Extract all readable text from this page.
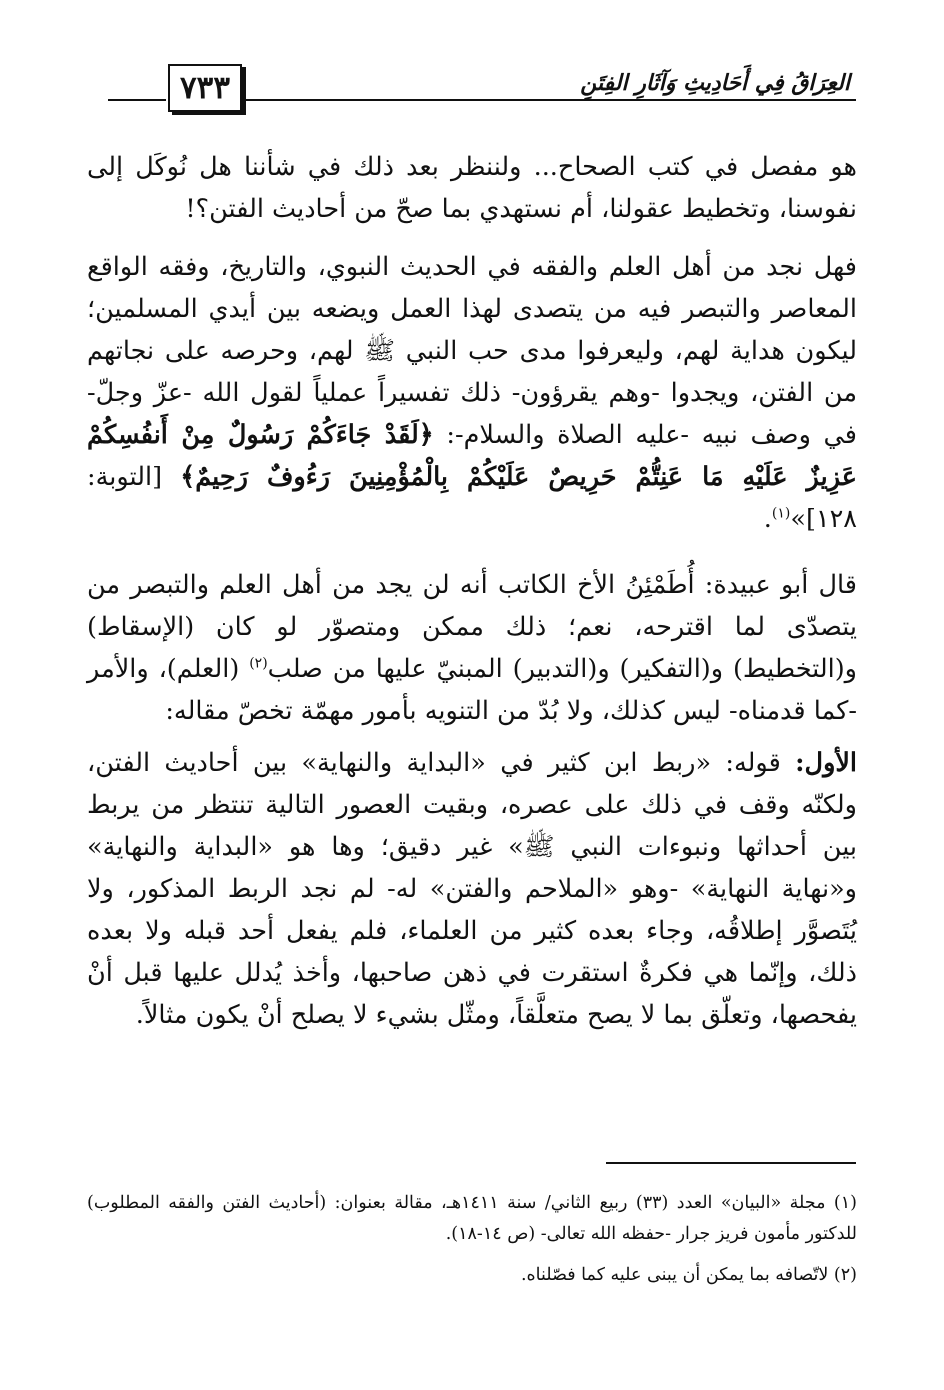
٧٣٣	العِرَاقُ فِي أَحَادِيثِ وَآثَارِ الفِتَنِ

هو مفصل في كتب الصحاح... ولننظر بعد ذلك في شأننا هل نُوكَل إلى نفوسنا، وتخطيط عقولنا، أم نستهدي بما صحّ من أحاديث الفتن؟!

فهل نجد من أهل العلم والفقه في الحديث النبوي، والتاريخ، وفقه الواقع المعاصر والتبصر فيه من يتصدى لهذا العمل ويضعه بين أيدي المسلمين؛ ليكون هداية لهم، وليعرفوا مدى حب النبي ﷺ لهم، وحرصه على نجاتهم من الفتن، ويجدوا -وهم يقرؤون- ذلك تفسيراً عملياً لقول الله -عزّ وجلّ- في وصف نبيه -عليه الصلاة والسلام-: ﴿لَقَدْ جَاءَكُمْ رَسُولٌ مِنْ أَنفُسِكُمْ عَزِيزٌ عَلَيْهِ مَا عَنِتُّمْ حَرِيصٌ عَلَيْكُمْ بِالْمُؤْمِنِينَ رَءُوفٌ رَحِيمٌ﴾ [التوبة: ١٢٨]»$^{(١)}$.

قال أبو عبيدة: أُطَمْئِنُ الأخ الكاتب أنه لن يجد من أهل العلم والتبصر من يتصدّى لما اقترحه، نعم؛ ذلك ممكن ومتصوّر لو كان (الإسقاط) و(التخطيط) و(التفكير) و(التدبير) المبنيّ عليها من صلب$^{(٢)}$ (العلم)، والأمر -كما قدمناه- ليس كذلك، ولا بُدّ من التنويه بأمور مهمّة تخصّ مقاله:

الأول: قوله: «ربط ابن كثير في «البداية والنهاية» بين أحاديث الفتن، ولكنّه وقف في ذلك على عصره، وبقيت العصور التالية تنتظر من يربط بين أحداثها ونبوءات النبي ﷺ» غير دقيق؛ وها هو «البداية والنهاية» و«نهاية النهاية» -وهو «الملاحم والفتن» له- لم نجد الربط المذكور، ولا يُتَصوَّر إطلاقُه، وجاء بعده كثير من العلماء، فلم يفعل أحد قبله ولا بعده ذلك، وإنّما هي فكرةٌ استقرت في ذهن صاحبها، وأخذ يُدلل عليها قبل أنْ يفحصها، وتعلّق بما لا يصح متعلَّقاً، ومثّل بشيء لا يصلح أنْ يكون مثالاً.

(١) مجلة «البيان» العدد (٣٣) ربيع الثاني/ سنة ١٤١١هـ، مقالة بعنوان: (أحاديث الفتن والفقه المطلوب) للدكتور مأمون فريز جرار -حفظه الله تعالى- (ص ١٤-١٨).

(٢) لاتّصافه بما يمكن أن يبنى عليه كما فصّلناه.
